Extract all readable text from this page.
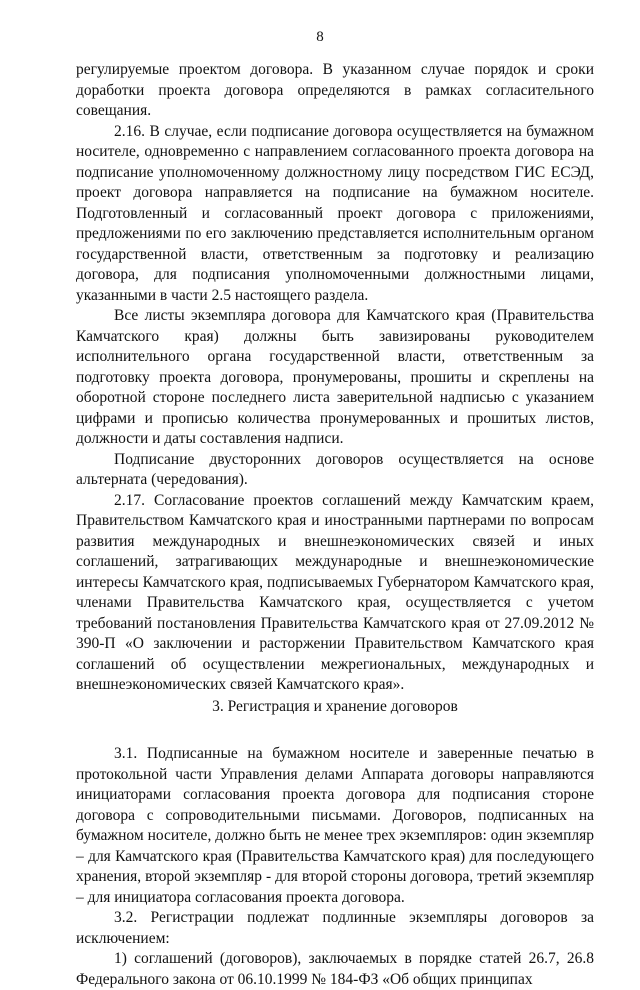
8

регулируемые проектом договора. В указанном случае порядок и сроки доработки проекта договора определяются в рамках согласительного совещания.

2.16. В случае, если подписание договора осуществляется на бумажном носителе, одновременно с направлением согласованного проекта договора на подписание уполномоченному должностному лицу посредством ГИС ЕСЭД, проект договора направляется на подписание на бумажном носителе. Подготовленный и согласованный проект договора с приложениями, предложениями по его заключению представляется исполнительным органом государственной власти, ответственным за подготовку и реализацию договора, для подписания уполномоченными должностными лицами, указанными в части 2.5 настоящего раздела.

Все листы экземпляра договора для Камчатского края (Правительства Камчатского края) должны быть завизированы руководителем исполнительного органа государственной власти, ответственным за подготовку проекта договора, пронумерованы, прошиты и скреплены на оборотной стороне последнего листа заверительной надписью с указанием цифрами и прописью количества пронумерованных и прошитых листов, должности и даты составления надписи.

Подписание двусторонних договоров осуществляется на основе альтерната (чередования).

2.17. Согласование проектов соглашений между Камчатским краем, Правительством Камчатского края и иностранными партнерами по вопросам развития международных и внешнеэкономических связей и иных соглашений, затрагивающих международные и внешнеэкономические интересы Камчатского края, подписываемых Губернатором Камчатского края, членами Правительства Камчатского края, осуществляется с учетом требований постановления Правительства Камчатского края от 27.09.2012 № 390-П «О заключении и расторжении Правительством Камчатского края соглашений об осуществлении межрегиональных, международных и внешнеэкономических связей Камчатского края».

3. Регистрация и хранение договоров

3.1. Подписанные на бумажном носителе и заверенные печатью в протокольной части Управления делами Аппарата договоры направляются инициаторами согласования проекта договора для подписания стороне договора с сопроводительными письмами. Договоров, подписанных на бумажном носителе, должно быть не менее трех экземпляров: один экземпляр – для Камчатского края (Правительства Камчатского края) для последующего хранения, второй экземпляр - для второй стороны договора, третий экземпляр – для инициатора согласования проекта договора.

3.2. Регистрации подлежат подлинные экземпляры договоров за исключением:

1) соглашений (договоров), заключаемых в порядке статей 26.7, 26.8 Федерального закона от 06.10.1999 № 184-ФЗ «Об общих принципах
